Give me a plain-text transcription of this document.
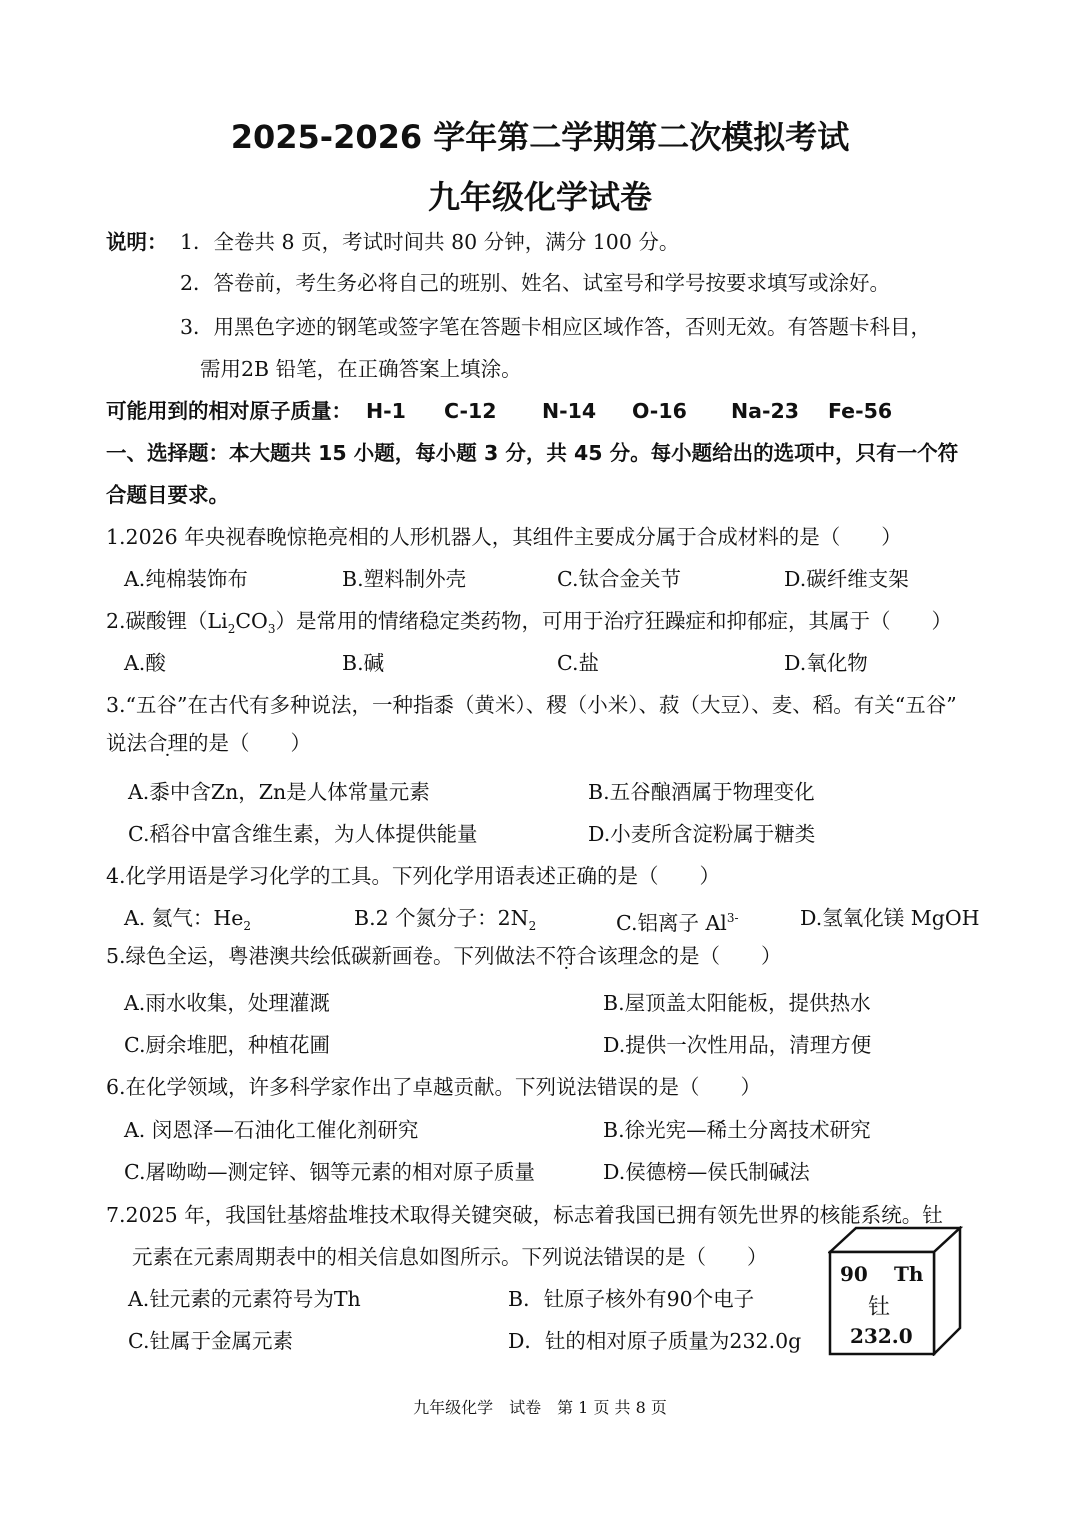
2025-2026 学年第二学期第二次模拟考试
九年级化学试卷
说明： 1．全卷共 8 页，考试时间共 80 分钟，满分 100 分。
2．答卷前，考生务必将自己的班别、姓名、试室号和学号按要求填写或涂好。
3．用黑色字迹的钢笔或签字笔在答题卡相应区域作答，否则无效。有答题卡科目，
需用2B 铅笔，在正确答案上填涂。
可能用到的相对原子质量： H-1 C-12 N-14 O-16 Na-23 Fe-56
一、选择题：本大题共 15 小题，每小题 3 分，共 45 分。每小题给出的选项中，只有一个符
合题目要求。
1.2026 年央视春晚惊艳亮相的人形机器人，其组件主要成分属于合成材料的是（　　）
A.纯棉装饰布	B.塑料制外壳	C.钛合金关节	D.碳纤维支架
2.碳酸锂$(Li_2CO_3)$是常用的情绪稳定类药物，可用于治疗狂躁症和抑郁症，其属于（　　）
A.酸	B.碱	C.盐	D.氧化物
3.“五谷”在古代有多种说法，一种指黍（黄米）、稷（小米）、菽（大豆）、麦、稻。有关“五谷”
说法合理的是（　　）
A.黍中含Zn，Zn是人体常量元素	B.五谷酿酒属于物理变化
C.稻谷中富含维生素，为人体提供能量	D.小麦所含淀粉属于糖类
4.化学用语是学习化学的工具。下列化学用语表述正确的是（　　）
A. 氦气：$He_2$	B.2 个氮分子：$2N_2$	C.铝离子 $Al^{3-}$	D.氢氧化镁 MgOH
5.绿色全运，粤港澳共绘低碳新画卷。下列做法不符合该理念的是（　　）
A.雨水收集，处理灌溉	B.屋顶盖太阳能板，提供热水
C.厨余堆肥，种植花圃	D.提供一次性用品，清理方便
6.在化学领域，许多科学家作出了卓越贡献。下列说法错误的是（　　）
A. 闵恩泽—石油化工催化剂研究	B.徐光宪—稀土分离技术研究
C.屠呦呦—测定锌、铟等元素的相对原子质量	D.侯德榜—侯氏制碱法
7.2025 年，我国钍基熔盐堆技术取得关键突破，标志着我国已拥有领先世界的核能系统。钍
元素在元素周期表中的相关信息如图所示。下列说法错误的是（　　）
A.钍元素的元素符号为Th	B．钍原子核外有90个电子
C.钍属于金属元素	D．钍的相对原子质量为232.0g
90 Th
钍
232.0
九年级化学　试卷　第 1 页 共 8 页
